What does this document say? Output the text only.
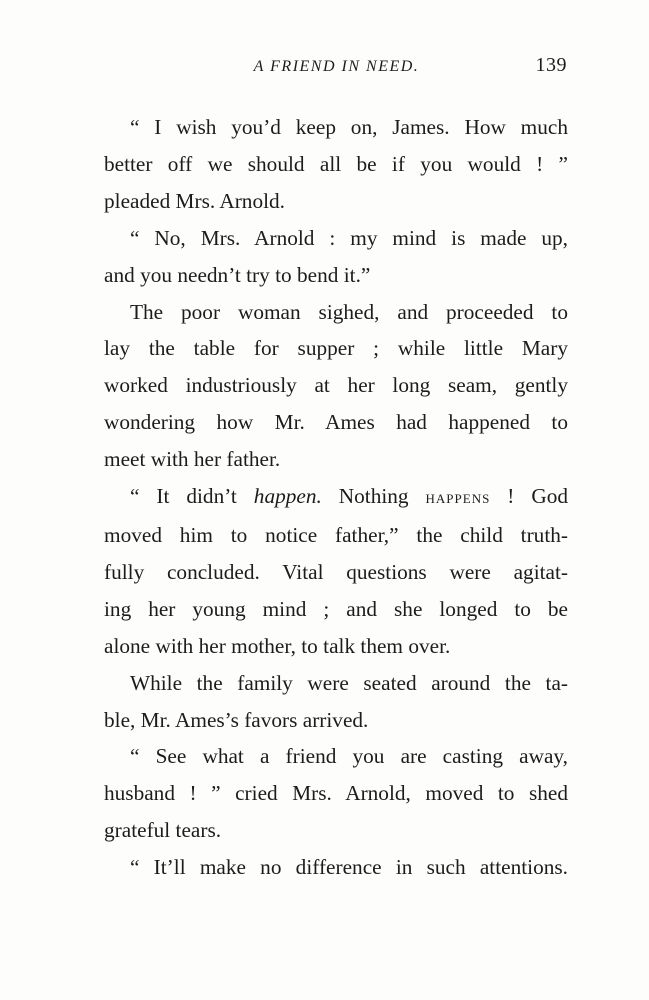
A FRIEND IN NEED.	139

“ I wish you’d keep on, James. How much
better off we should all be if you would ! ”
pleaded Mrs. Arnold.

“ No, Mrs. Arnold : my mind is made up,
and you needn’t try to bend it.”

The poor woman sighed, and proceeded to
lay the table for supper ; while little Mary
worked industriously at her long seam, gently
wondering how Mr. Ames had happened to
meet with her father.

“ It didn’t happen. Nothing happens ! God
moved him to notice father,” the child truth-
fully concluded. Vital questions were agitat-
ing her young mind ; and she longed to be
alone with her mother, to talk them over.

While the family were seated around the ta-
ble, Mr. Ames’s favors arrived.

“ See what a friend you are casting away,
husband ! ” cried Mrs. Arnold, moved to shed
grateful tears.

“ It’ll make no difference in such attentions.
